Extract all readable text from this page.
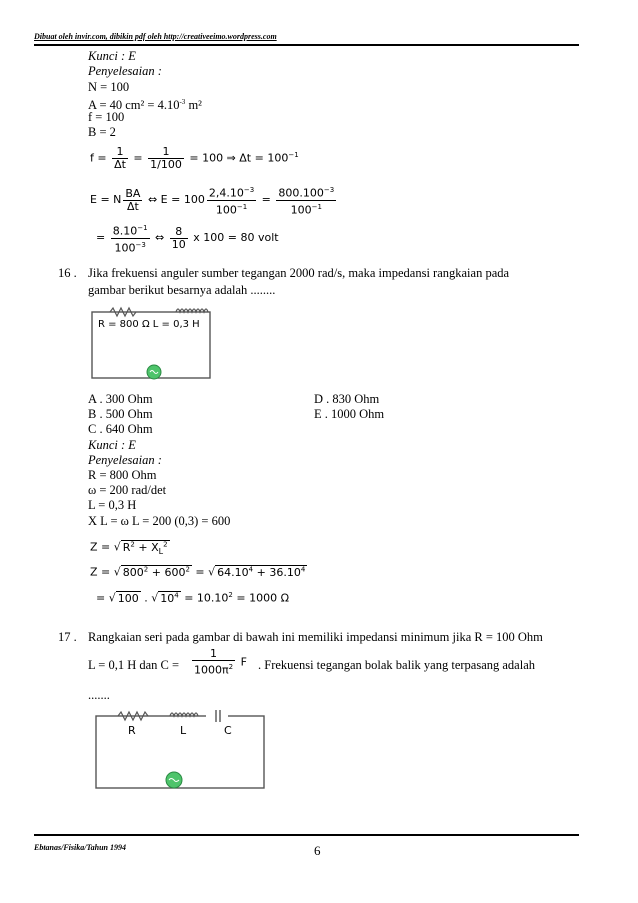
Dibuat oleh invir.com, dibikin pdf oleh http://creativeeimo.wordpress.com
Kunci : E
Penyelesaian :
N = 100
A = 40 $cm^2 = 4.10^{-3}$ m²
f = 100
B = 2
$f = \frac{1}{\Delta t} = \frac{1}{1/100} = 100$ ⇒ $\Delta t = 100^{-1}$
E = N $\frac{BA}{\Delta t}$ ⇔ $E = 100 \frac{2,4.10^{-3}}{100^{-1}} = \frac{800.100^{-3}}{100^{-1}}$
= $\frac{8.10^{-1}}{100^{-3}}$ ⇔ $\frac{8}{10}$ x 100 = 80 volt
16 . Jika frekuensi anguler sumber tegangan 2000 rad/s, maka impedansi rangkaian pada
gambar berikut besarnya adalah ........
R = 800 Ω L = 0,3 H
A . 300 Ohm
B . 500 Ohm
C . 640 Ohm
D . 830 Ohm
E . 1000 Ohm
Kunci : E
Penyelesaian :
R = 800 Ohm
ω = 200 rad/det
L = 0,3 H
X L = ω L = 200 (0,3) = 600
Z = √ $R^2 + X_L^2$
Z = √ $800^2 + 600^2$ = √ $64.10^4 + 36.10^4$
= √ 100 . √ $10^4 = 10.10^2 = 1000$ Ω
17 . Rangkaian seri pada gambar di bawah ini memiliki impedansi minimum jika R = 100 Ohm
L = 0,1 H dan $C = \frac{1}{1000\pi^2}$ F . Frekuensi tegangan bolak balik yang terpasang adalah
.......
R	L	C
Ebtanas/Fisika/Tahun 1994	6
